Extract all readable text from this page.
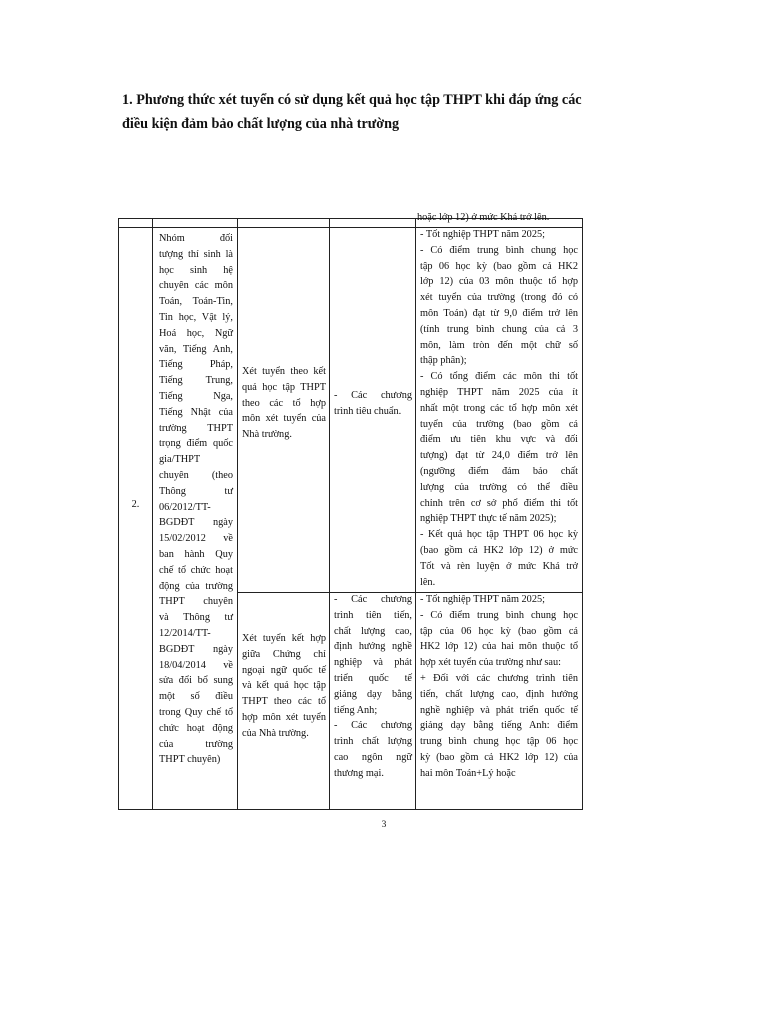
1. Phương thức xét tuyển có sử dụng kết quả học tập THPT khi đáp ứng các
điều kiện đảm bảo chất lượng của nhà trường
hoặc lớp 12) ở mức Khá trở lên.
2.
Nhóm đối
tượng thí sinh là
học sinh hệ
chuyên các môn
Toán, Toán-Tin,
Tin học, Vật lý,
Hoá học, Ngữ
văn, Tiếng Anh,
Tiếng Pháp,
Tiếng Trung,
Tiếng Nga,
Tiếng Nhật của
trường THPT
trọng điểm quốc
gia/THPT
chuyên (theo
Thông tư
06/2012/TT-
BGDĐT ngày
15/02/2012 về
ban hành Quy
chế tổ chức hoạt
động của trường
THPT chuyên
và Thông tư
12/2014/TT-
BGDĐT ngày
18/04/2014 về
sửa đổi bổ sung
một số điều
trong Quy chế tổ
chức hoạt động
của trường
THPT chuyên)
Xét tuyển theo kết
quả học tập THPT
theo các tổ hợp
môn xét tuyển của
Nhà trường.
- Các chương
trình tiêu chuẩn.
- Tốt nghiệp THPT năm 2025;
- Có điểm trung bình chung học
tập 06 học kỳ (bao gồm cả HK2
lớp 12) của 03 môn thuộc tổ hợp
xét tuyển của trường (trong đó có
môn Toán) đạt từ 9,0 điểm trở lên
(tính trung bình chung của cả 3
môn, làm tròn đến một chữ số
thập phân);
- Có tổng điểm các môn thi tốt
nghiệp THPT năm 2025 của ít
nhất một trong các tổ hợp môn xét
tuyển của trường (bao gồm cả
điểm ưu tiên khu vực và đối
tượng) đạt từ 24,0 điểm trở lên
(ngưỡng điểm đảm bảo chất
lượng của trường có thể điều
chỉnh trên cơ sở phổ điểm thi tốt
nghiệp THPT thực tế năm 2025);
- Kết quả học tập THPT 06 học kỳ
(bao gồm cả HK2 lớp 12) ở mức
Tốt và rèn luyện ở mức Khá trở
lên.
Xét tuyển kết hợp
giữa Chứng chỉ
ngoại ngữ quốc tế
và kết quả học tập
THPT theo các tổ
hợp môn xét tuyển
của Nhà trường.
- Các chương
trình tiên tiến,
chất lượng cao,
định hướng nghề
nghiệp và phát
triển quốc tế
giảng dạy bằng
tiếng Anh;
- Các chương
trình chất lượng
cao ngôn ngữ
thương mại.
- Tốt nghiệp THPT năm 2025;
- Có điểm trung bình chung học
tập của 06 học kỳ (bao gồm cả
HK2 lớp 12) của hai môn thuộc tổ
hợp xét tuyển của trường như sau:
+ Đối với các chương trình tiên
tiến, chất lượng cao, định hướng
nghề nghiệp và phát triển quốc tế
giảng dạy bằng tiếng Anh: điểm
trung bình chung học tập 06 học
kỳ (bao gồm cả HK2 lớp 12) của
hai môn Toán+Lý hoặc
3
